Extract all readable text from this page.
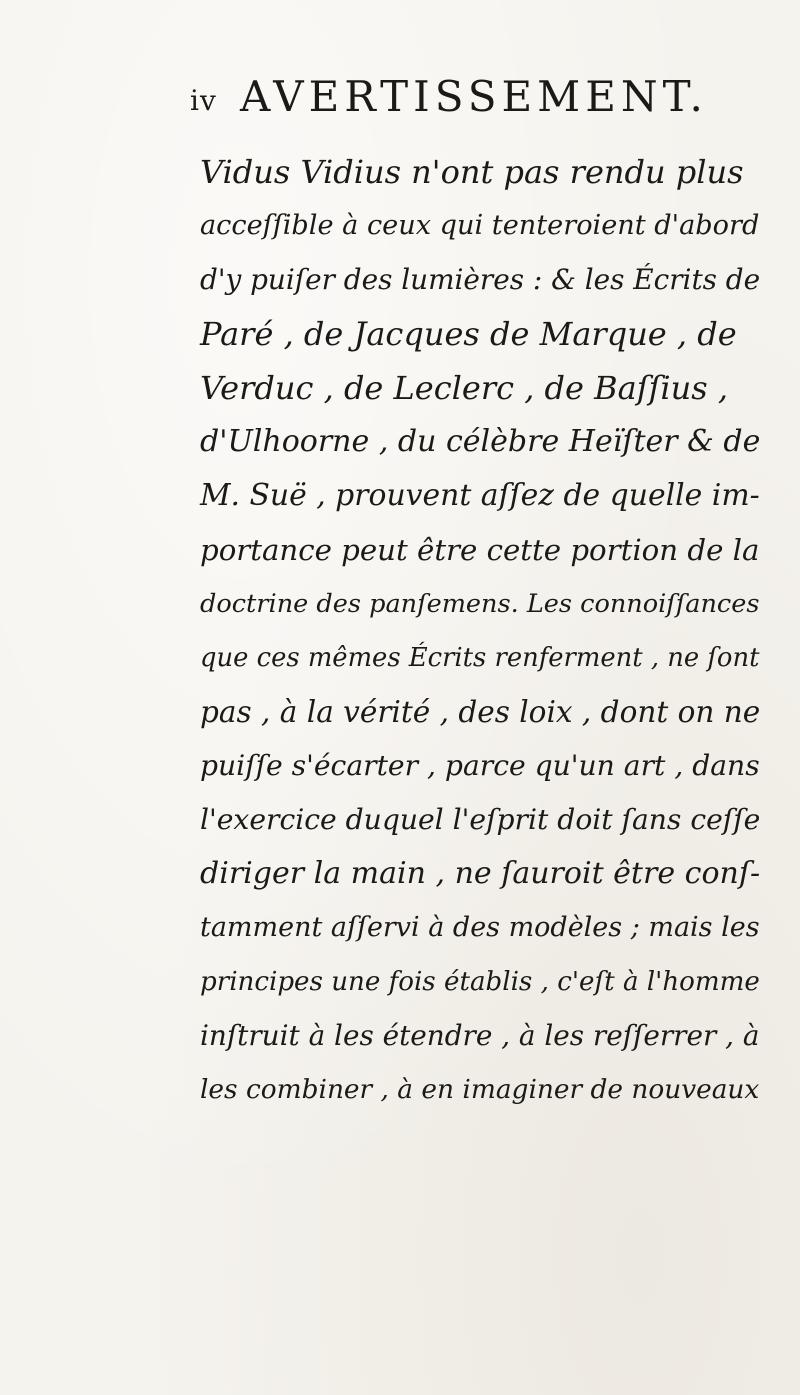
iv AVERTISSEMENT.
Vidus Vidius n'ont pas rendu plus
acceſſible à ceux qui tenteroient d'abord
d'y puiſer des lumières : & les Écrits de
Paré , de Jacques de Marque , de
Verduc , de Leclerc , de Baſſius ,
d'Ulhoorne , du célèbre Heïſter & de
M. Suë , prouvent aſſez de quelle im-
portance peut être cette portion de la
doctrine des panſemens. Les connoiſſances
que ces mêmes Écrits renferment , ne ſont
pas , à la vérité , des loix , dont on ne
puiſſe s'écarter , parce qu'un art , dans
l'exercice duquel l'eſprit doit ſans ceſſe
diriger la main , ne ſauroit être conſ-
tamment aſſervi à des modèles ; mais les
principes une fois établis , c'eſt à l'homme
inſtruit à les étendre , à les reſſerrer , à
les combiner , à en imaginer de nouveaux
